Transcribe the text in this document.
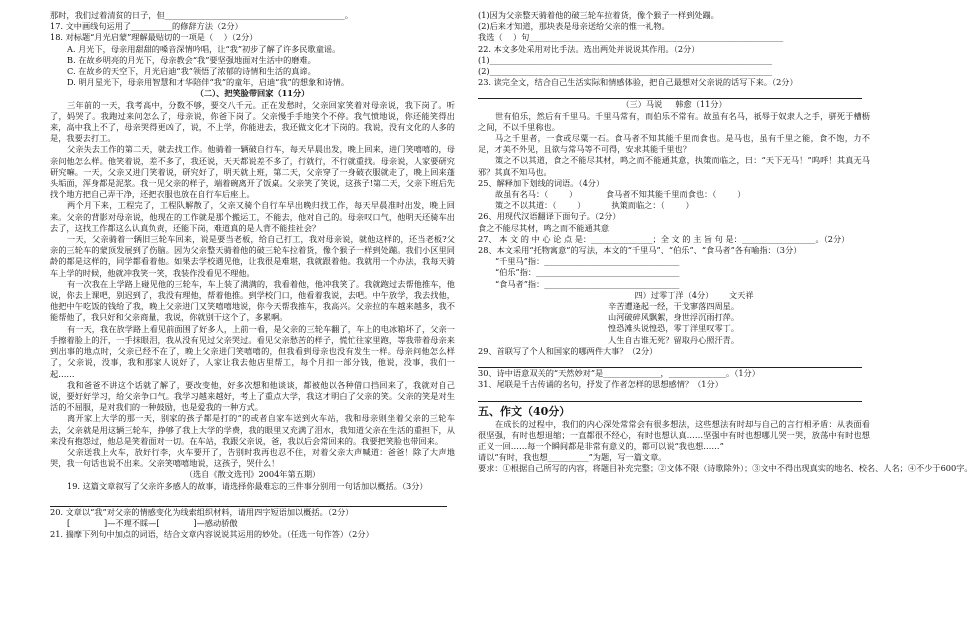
那时，我们过着清贫的日子，但____________________________________________。
17. 文中画线句运用了__________的修辞方法（2分）
18. 对标题“月光启蒙”理解最贴切的一项是（    ）（2分）
A. 月光下，母亲用甜甜的嗓音深情吟唱，让“我”初步了解了许多民歌童谣。
B. 在故乡明亮的月光下，母亲教会“我”要坚强地面对生活中的磨难。
C. 在故乡的天空下，月光启迪“我”领悟了浓郁的诗情和生活的真谛。
D. 明月星光下，母亲用智慧和才华陪伴“我”的童年，启迪“我”的想象和诗情。
（二）、把笑脸带回家（11分）
三年前的一天，我考高中，分数不够，要交八千元。正在发愁时，父亲回家笑着对母亲说，我下岗了。听了，妈哭了。我跑过来问怎么了，母亲说，你爸下岗了。父亲慢手手地笑个不停。我气愤地说，你还能笑得出来，高中我上不了，母亲哭得更凶了，说，不上学，你能进去，我还做文化才下岗的。我说，没有文化的人多的是，我要去打工。
父亲失去工作的第二天，就去找工作。他骑着一辆破自行车，每天早晨出发，晚上回来，进门笑嘻嘻的，母亲问他怎么样。他笑着说，差不多了，我还说，天天都说差不多了，行就行，不行就重找。母亲说，人家要研究研究嘛。一天，父亲又进门笑着说，研究好了，明天就上班，第二天，父亲穿了一身破衣服就走了，晚上回来蓬头垢面，浑身都是泥浆。我一见父亲的样子，端着碗离开了饭桌。父亲笑了笑说，这孩子!第二天，父亲下班后先找个地方把自己弄干净，还把衣服也放在自行车后座上。
两个月下来，工程完了，工程队解散了，父亲又骑个自行车早出晚归找工作，每天早晨准时出发，晚上回来。父亲的背影对母亲说，他现在的工作就是那个搬运工，不能去，他对自己的。母亲叹口气，他明天还骑车出去了，这找工作都这么认真负责，还能下岗，难道真的是人背不能挂社会？
一天，父亲骑着一辆旧三轮车回来，说是要当老板，给自己打工，我对母亲说，就他这样的，还当老板?父亲的三轮车的蒙顶发展到了伤脑。因为父亲整天骑着他的破三轮车拉着货，像个猴子一样到处蹦。我们小区里同龄的都是这样的，同学都看着他。如果去学校遇见他，让我很是难堪，我就跟着他。我就用一个办法，我每天骑车上学的时候，他就冲我笑一笑，我装作没看见不理他。
有一次我在上学路上碰见他的三轮车，车上装了满满的，我看着他，他冲我笑了。我就跑过去帮他推车，他说，你去上课吧，别迟到了，我没有理他，帮着他推。到学校门口，他看着我说，去吧。中午放学，我去找他，他把中午吃饭的钱给了我，晚上父亲进门又笑嘻嘻地说，你今天帮我推车，我高兴。父亲拉的车越来越多，我不能帮他了，我只好和父亲商量，我说，你就别干这个了，多累啊。
有一天，我在放学路上看见前面围了好多人，上前一看，是父亲的三轮车翻了，车上的电冰箱坏了，父亲一手擦着脸上的汗，一手抹眼泪，我从没有见过父亲哭过。看见父亲愁苦的样子，慌忙往家里跑，等我带着母亲来到出事的地点时，父亲已经不在了，晚上父亲进门笑嘻嘻的，但我看到母亲也没有发生一样。母亲问他怎么样了，父亲说，没事，我和那家人说好了，人家让我去他店里帮工，每个月扣一部分钱，他说，没事，我们一起……
我和爸爸不讲这个话就了解了，要改变他，好多次想和他谈谈，都被他以各种借口挡回来了，我就对自己说，要好好学习，给父亲争口气。我学习越来越好，考上了重点大学，我这才明白了父亲的笑。父亲的笑是对生活的不屈服，是对我们的一种鼓励，也是爱我的一种方式。
离开家上大学的那一天，别家的孩子都是打的”的或者自家车送到火车站，我和母亲则坐着父亲的三轮车去，父亲就是用这辆三轮车，挣够了我上大学的学费，我的眼里又充满了泪水，我知道父亲在生活的重担下，从来没有抱怨过，他总是笑着面对一切。在车站，我跟父亲说，爸，我以后会常回来的。我要把笑脸也带回来。
父亲送我上火车，放好行李，火车要开了，告别时我再也忍不住，对着父亲大声喊道：爸爸！除了大声地哭，我一句话也说不出来。父亲笑嘻嘻地说，这孩子，哭什么！
（选自《散文选刊》2004年第五期）
19. 这篇文章叙写了父亲许多感人的故事，请选择你最难忘的三件事分别用一句话加以概括。（3分）
20. 文章以“我”对父亲的情感变化为线索组织材料，请用四字短语加以概括。（2分）
[             ]—不理不睬—[             ]—感动骄傲
21. 揣摩下列句中加点的词语，结合文章内容说说其运用的妙处。（任选一句作答）（2分）
(1)因为父亲整天骑着他的破三轮车拉着货，像个猴子一样到处蹦。
(2)后来才知道，那块表是母亲送给父亲的惟一礼物。
我选（    ）句______________________________________________________________
22. 本文多处采用对比手法。选出两处并说说其作用。（2分）
(1)_____________________________________________________________________
(2)_____________________________________________________________________
23. 读完全文，结合自己生活实际和情感体验，把自己最想对父亲说的话写下来。（2分）
（三）马说     韩愈（11分）
世有伯乐，然后有千里马。千里马常有，而伯乐不常有。故虽有名马，祇辱于奴隶人之手，骈死于槽枥之间，不以千里称也。
马之千里者，一食或尽粟一石。食马者不知其能千里而食也。是马也，虽有千里之能，食不饱，力不足，才美不外见，且欲与常马等不可得，安求其能千里也？
策之不以其道，食之不能尽其材，鸣之而不能通其意，执策而临之，曰：“天下无马！”呜呼！其真无马邪？其真不知马也。
25、解释加下划线的词语。（4分）
故虽有名马：（        ）           食马者不知其能千里而食也：（        ）
策之不以其道：（        ）          执策而临之：（        ）
26、用现代汉语翻译下面句子。（2分）
食之不能尽其材，鸣之而不能通其意
27、 本 文 的 中 心 论 点 是：_______________；全 文 的 主 旨 句 是：__________________。（2分）
28、本文采用“托物寓意”的写法，本文的“千里马”、“伯乐”、“食马者”各有喻指：（3分）
“千里马”指：_________________________________
“伯乐”指：___________________________________
“食马者”指：_________________________________
四）过零丁洋（4分）      文天祥
辛苦遭逢起一经，干戈寥落四周星。
山河破碎风飘絮，身世浮沉雨打萍。
惶恐滩头说惶恐，零丁洋里叹零丁。
人生自古谁无死？留取丹心照汗青。
29、首联写了个人和国家的哪两件大事？（2分）
30、诗中语意双关的“天然妙对”是______________，______________。（1分）
31、尾联是千古传诵的名句，抒发了作者怎样的思想感情？（1分）
五、作文（40分）
在成长的过程中，我们的内心深处常常会有很多想法，这些想法有时却与自己的言行相矛盾：从表面看很坚强，有时也想退缩；一直都很不经心，有时也想认真……坚强中有时也想哪儿哭一哭，放荡中有时也想正义一回……每一个瞬间都是非常有意义的，都可以说“我也想……”
请以“有时，我也想__________”为题，写一篇文章。
要求：①根据自己所写的内容，将题目补充完整；②文体不限（诗歌除外）；③文中不得出现真实的地名、校名、人名；④不少于600字。
